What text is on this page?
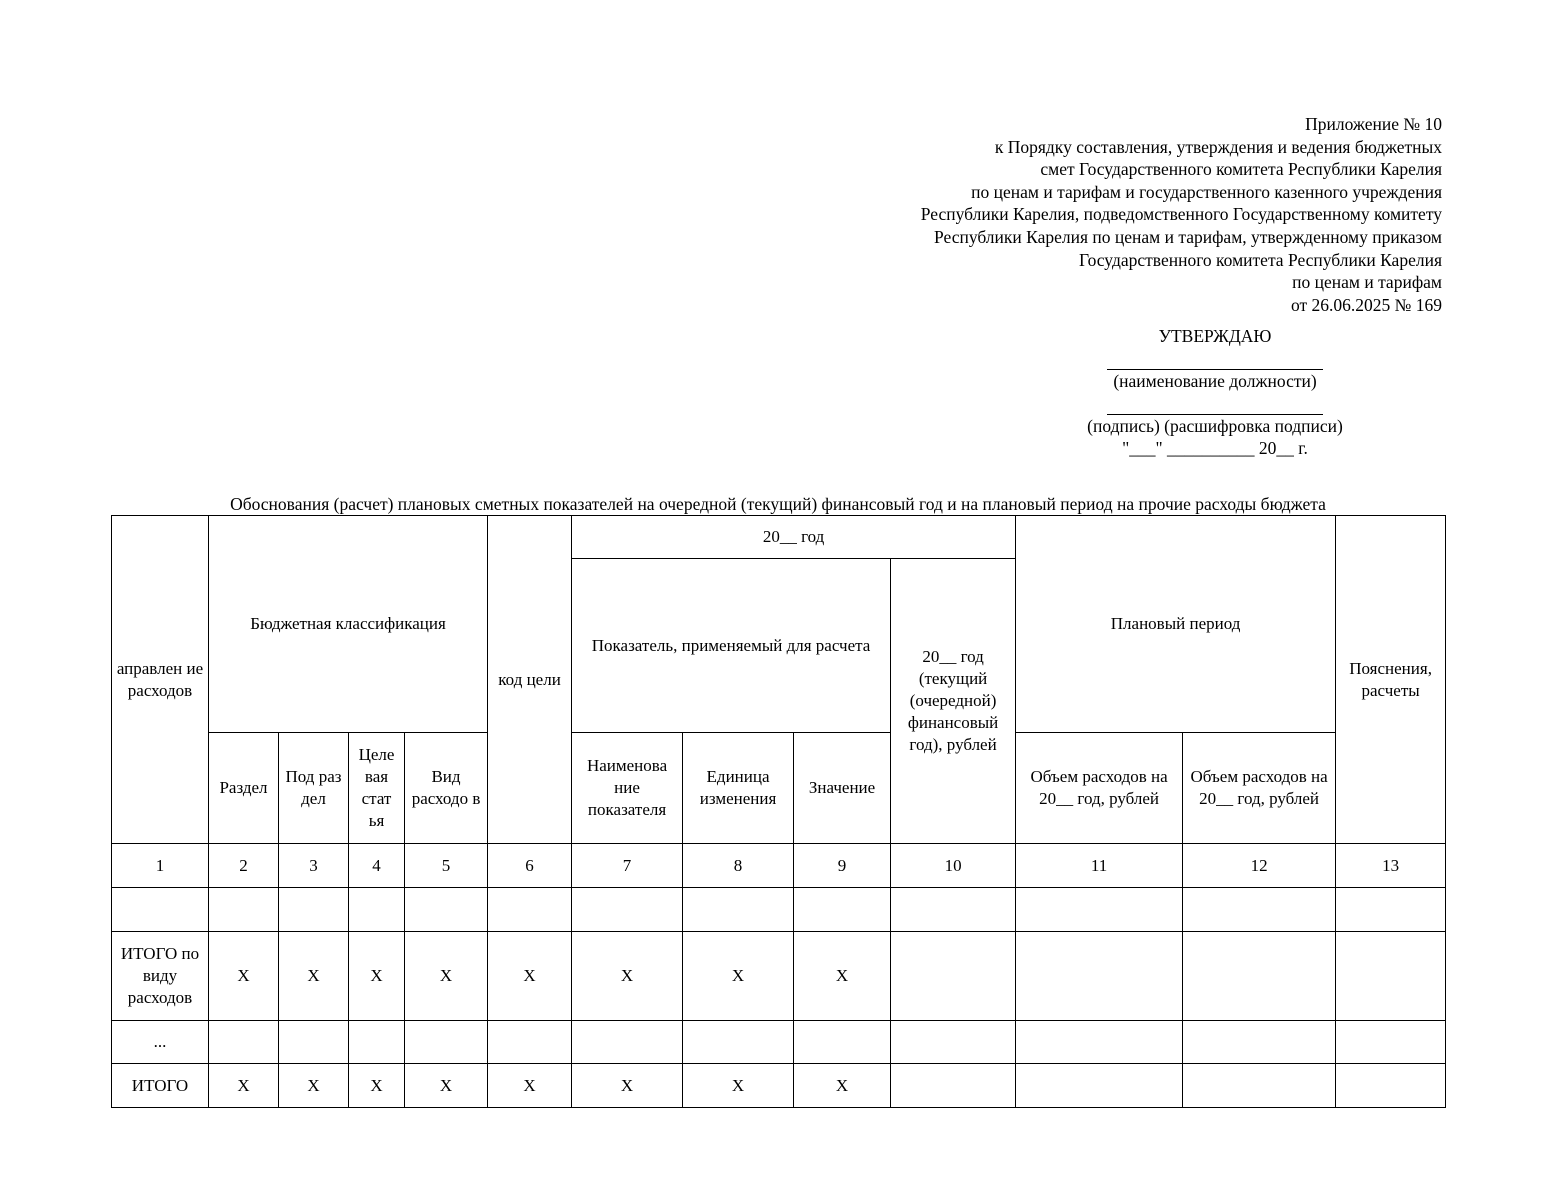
Приложение № 10
к Порядку составления, утверждения и ведения бюджетных
смет Государственного комитета Республики Карелия
по ценам и тарифам и государственного казенного учреждения
Республики Карелия, подведомственного Государственному комитету
Республики Карелия по ценам и тарифам, утвержденному приказом
Государственного комитета Республики Карелия
по ценам и тарифам
от 26.06.2025 № 169
УТВЕРЖДАЮ
(наименование должности)
(подпись) (расшифровка подписи)
"___" __________ 20__ г.
Обоснования (расчет) плановых сметных показателей на очередной (текущий) финансовый год и на плановый период на прочие расходы бюджета
аправлен ие расходов	Бюджетная классификация				код цели	20__ год				Плановый период		Пояснения, расчеты
						Показатель, применяемый для расчета			20__ год (текущий (очередной) финансовый год), рублей			
	Раздел	Под раз дел	Целе вая стат ья	Вид расходо в		Наименова ние показателя	Единица изменения	Значение		Объем расходов на 20__ год, рублей	Объем расходов на 20__ год, рублей	
1	2	3	4	5	6	7	8	9	10	11	12	13

ИТОГО по виду расходов	Х	Х	Х	Х	Х	Х	Х	Х				
...												
ИТОГО	Х	Х	Х	Х	Х	Х	Х	Х				
